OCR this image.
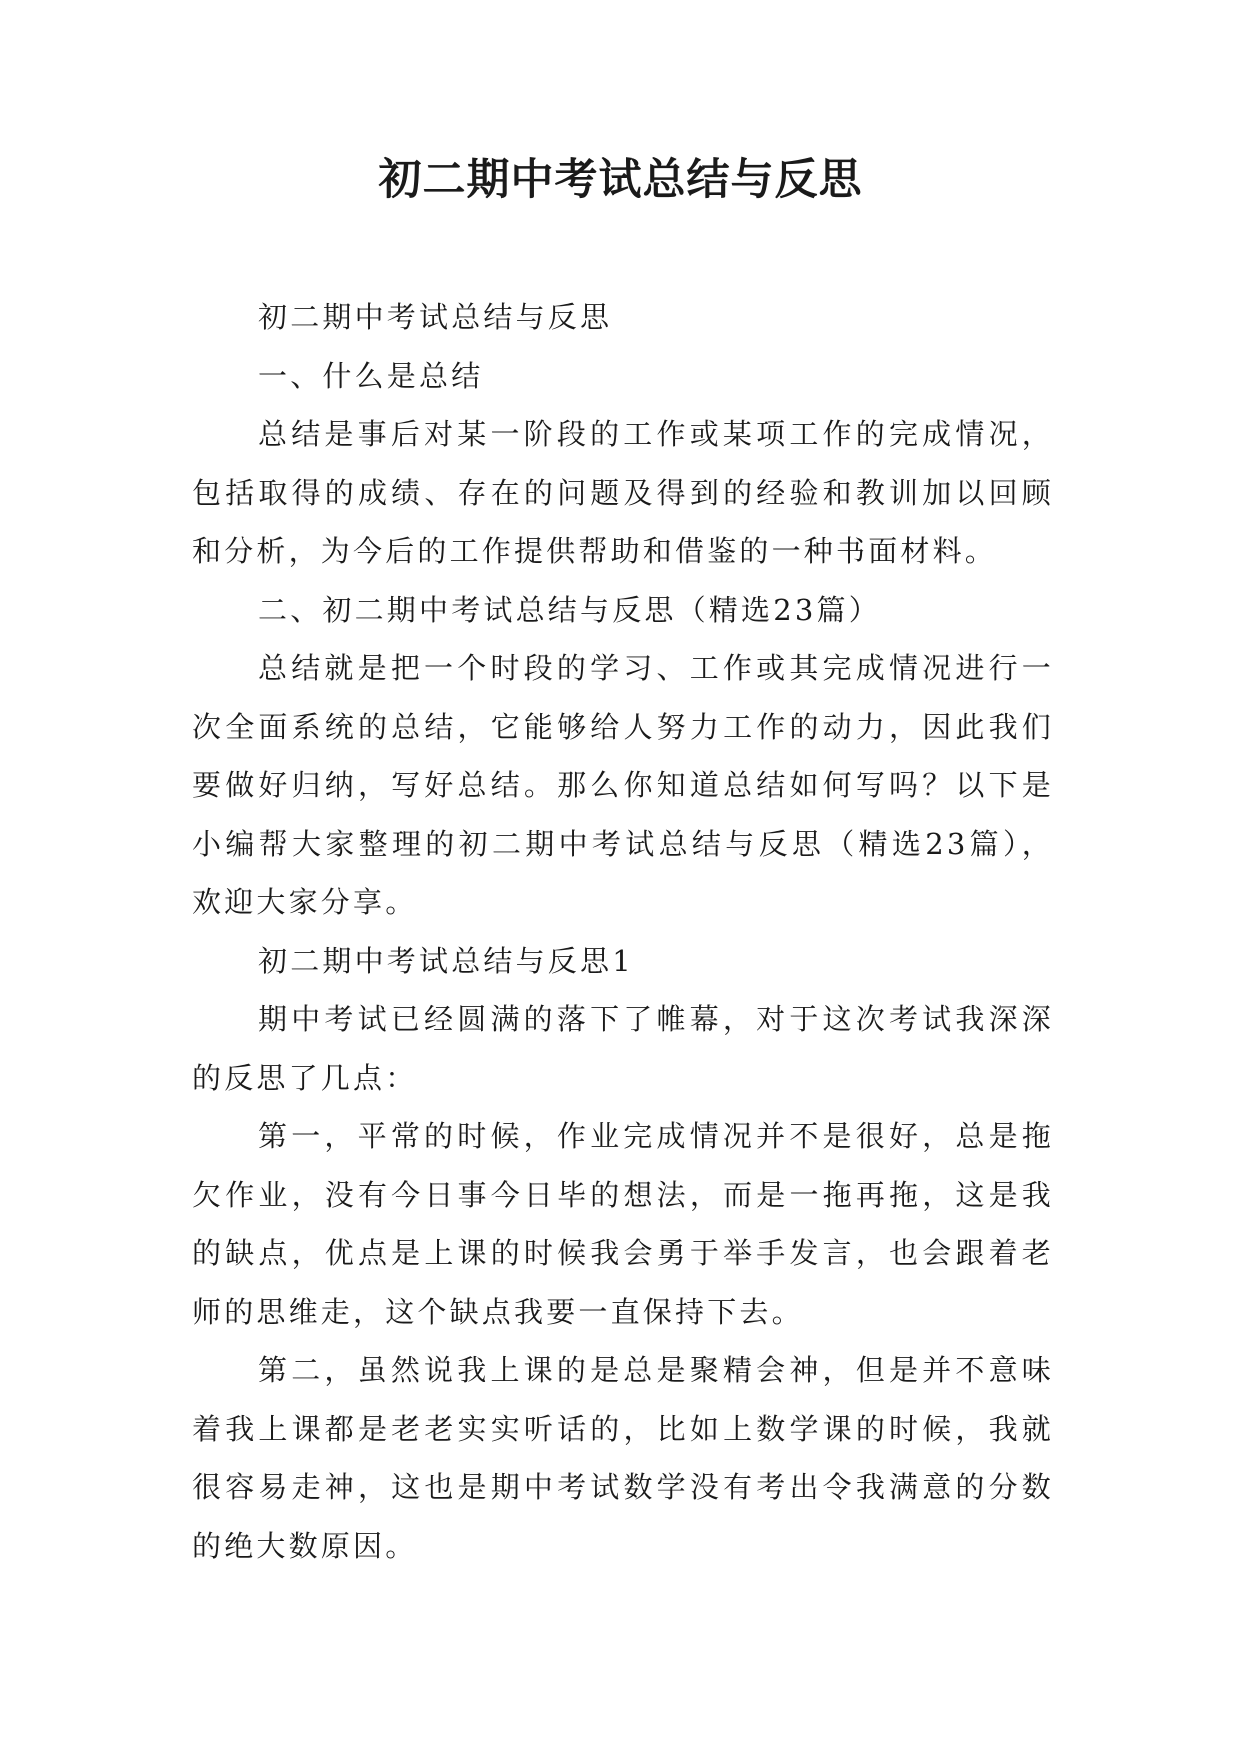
初二期中考试总结与反思

初二期中考试总结与反思

一、什么是总结

总结是事后对某一阶段的工作或某项工作的完成情况，包括取得的成绩、存在的问题及得到的经验和教训加以回顾和分析，为今后的工作提供帮助和借鉴的一种书面材料。

二、初二期中考试总结与反思（精选23篇）

总结就是把一个时段的学习、工作或其完成情况进行一次全面系统的总结，它能够给人努力工作的动力，因此我们要做好归纳，写好总结。那么你知道总结如何写吗？以下是小编帮大家整理的初二期中考试总结与反思（精选23篇），欢迎大家分享。

初二期中考试总结与反思1

期中考试已经圆满的落下了帷幕，对于这次考试我深深的反思了几点：

第一，平常的时候，作业完成情况并不是很好，总是拖欠作业，没有今日事今日毕的想法，而是一拖再拖，这是我的缺点，优点是上课的时候我会勇于举手发言，也会跟着老师的思维走，这个缺点我要一直保持下去。

第二，虽然说我上课的是总是聚精会神，但是并不意味着我上课都是老老实实听话的，比如上数学课的时候，我就很容易走神，这也是期中考试数学没有考出令我满意的分数的绝大数原因。
